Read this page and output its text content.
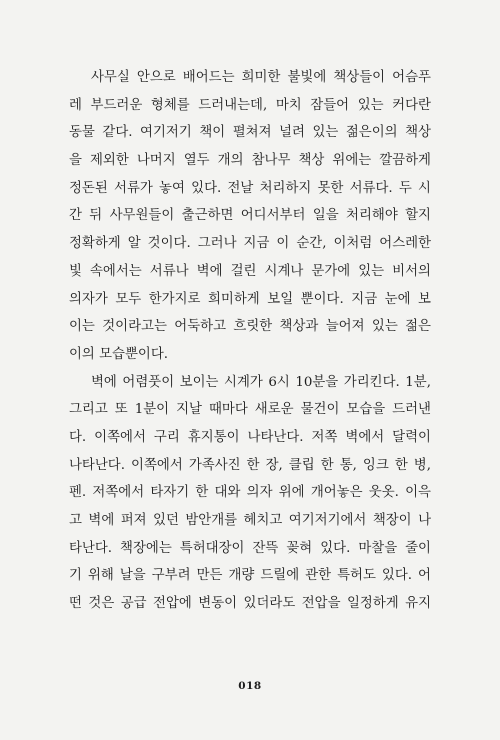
사무실 안으로 배어드는 희미한 불빛에 책상들이 어슴푸
레 부드러운 형체를 드러내는데, 마치 잠들어 있는 커다란
동물 같다. 여기저기 책이 펼쳐져 널려 있는 젊은이의 책상
을 제외한 나머지 열두 개의 참나무 책상 위에는 깔끔하게
정돈된 서류가 놓여 있다. 전날 처리하지 못한 서류다. 두 시
간 뒤 사무원들이 출근하면 어디서부터 일을 처리해야 할지
정확하게 알 것이다. 그러나 지금 이 순간, 이처럼 어스레한
빛 속에서는 서류나 벽에 걸린 시계나 문가에 있는 비서의
의자가 모두 한가지로 희미하게 보일 뿐이다. 지금 눈에 보
이는 것이라고는 어둑하고 흐릿한 책상과 늘어져 있는 젊은
이의 모습뿐이다.
벽에 어렴풋이 보이는 시계가 6시 10분을 가리킨다. 1분,
그리고 또 1분이 지날 때마다 새로운 물건이 모습을 드러낸
다. 이쪽에서 구리 휴지통이 나타난다. 저쪽 벽에서 달력이
나타난다. 이쪽에서 가족사진 한 장, 클립 한 통, 잉크 한 병,
펜. 저쪽에서 타자기 한 대와 의자 위에 개어놓은 웃옷. 이윽
고 벽에 퍼져 있던 밤안개를 헤치고 여기저기에서 책장이 나
타난다. 책장에는 특허대장이 잔뜩 꽂혀 있다. 마찰을 줄이
기 위해 날을 구부려 만든 개량 드릴에 관한 특허도 있다. 어
떤 것은 공급 전압에 변동이 있더라도 전압을 일정하게 유지
018
